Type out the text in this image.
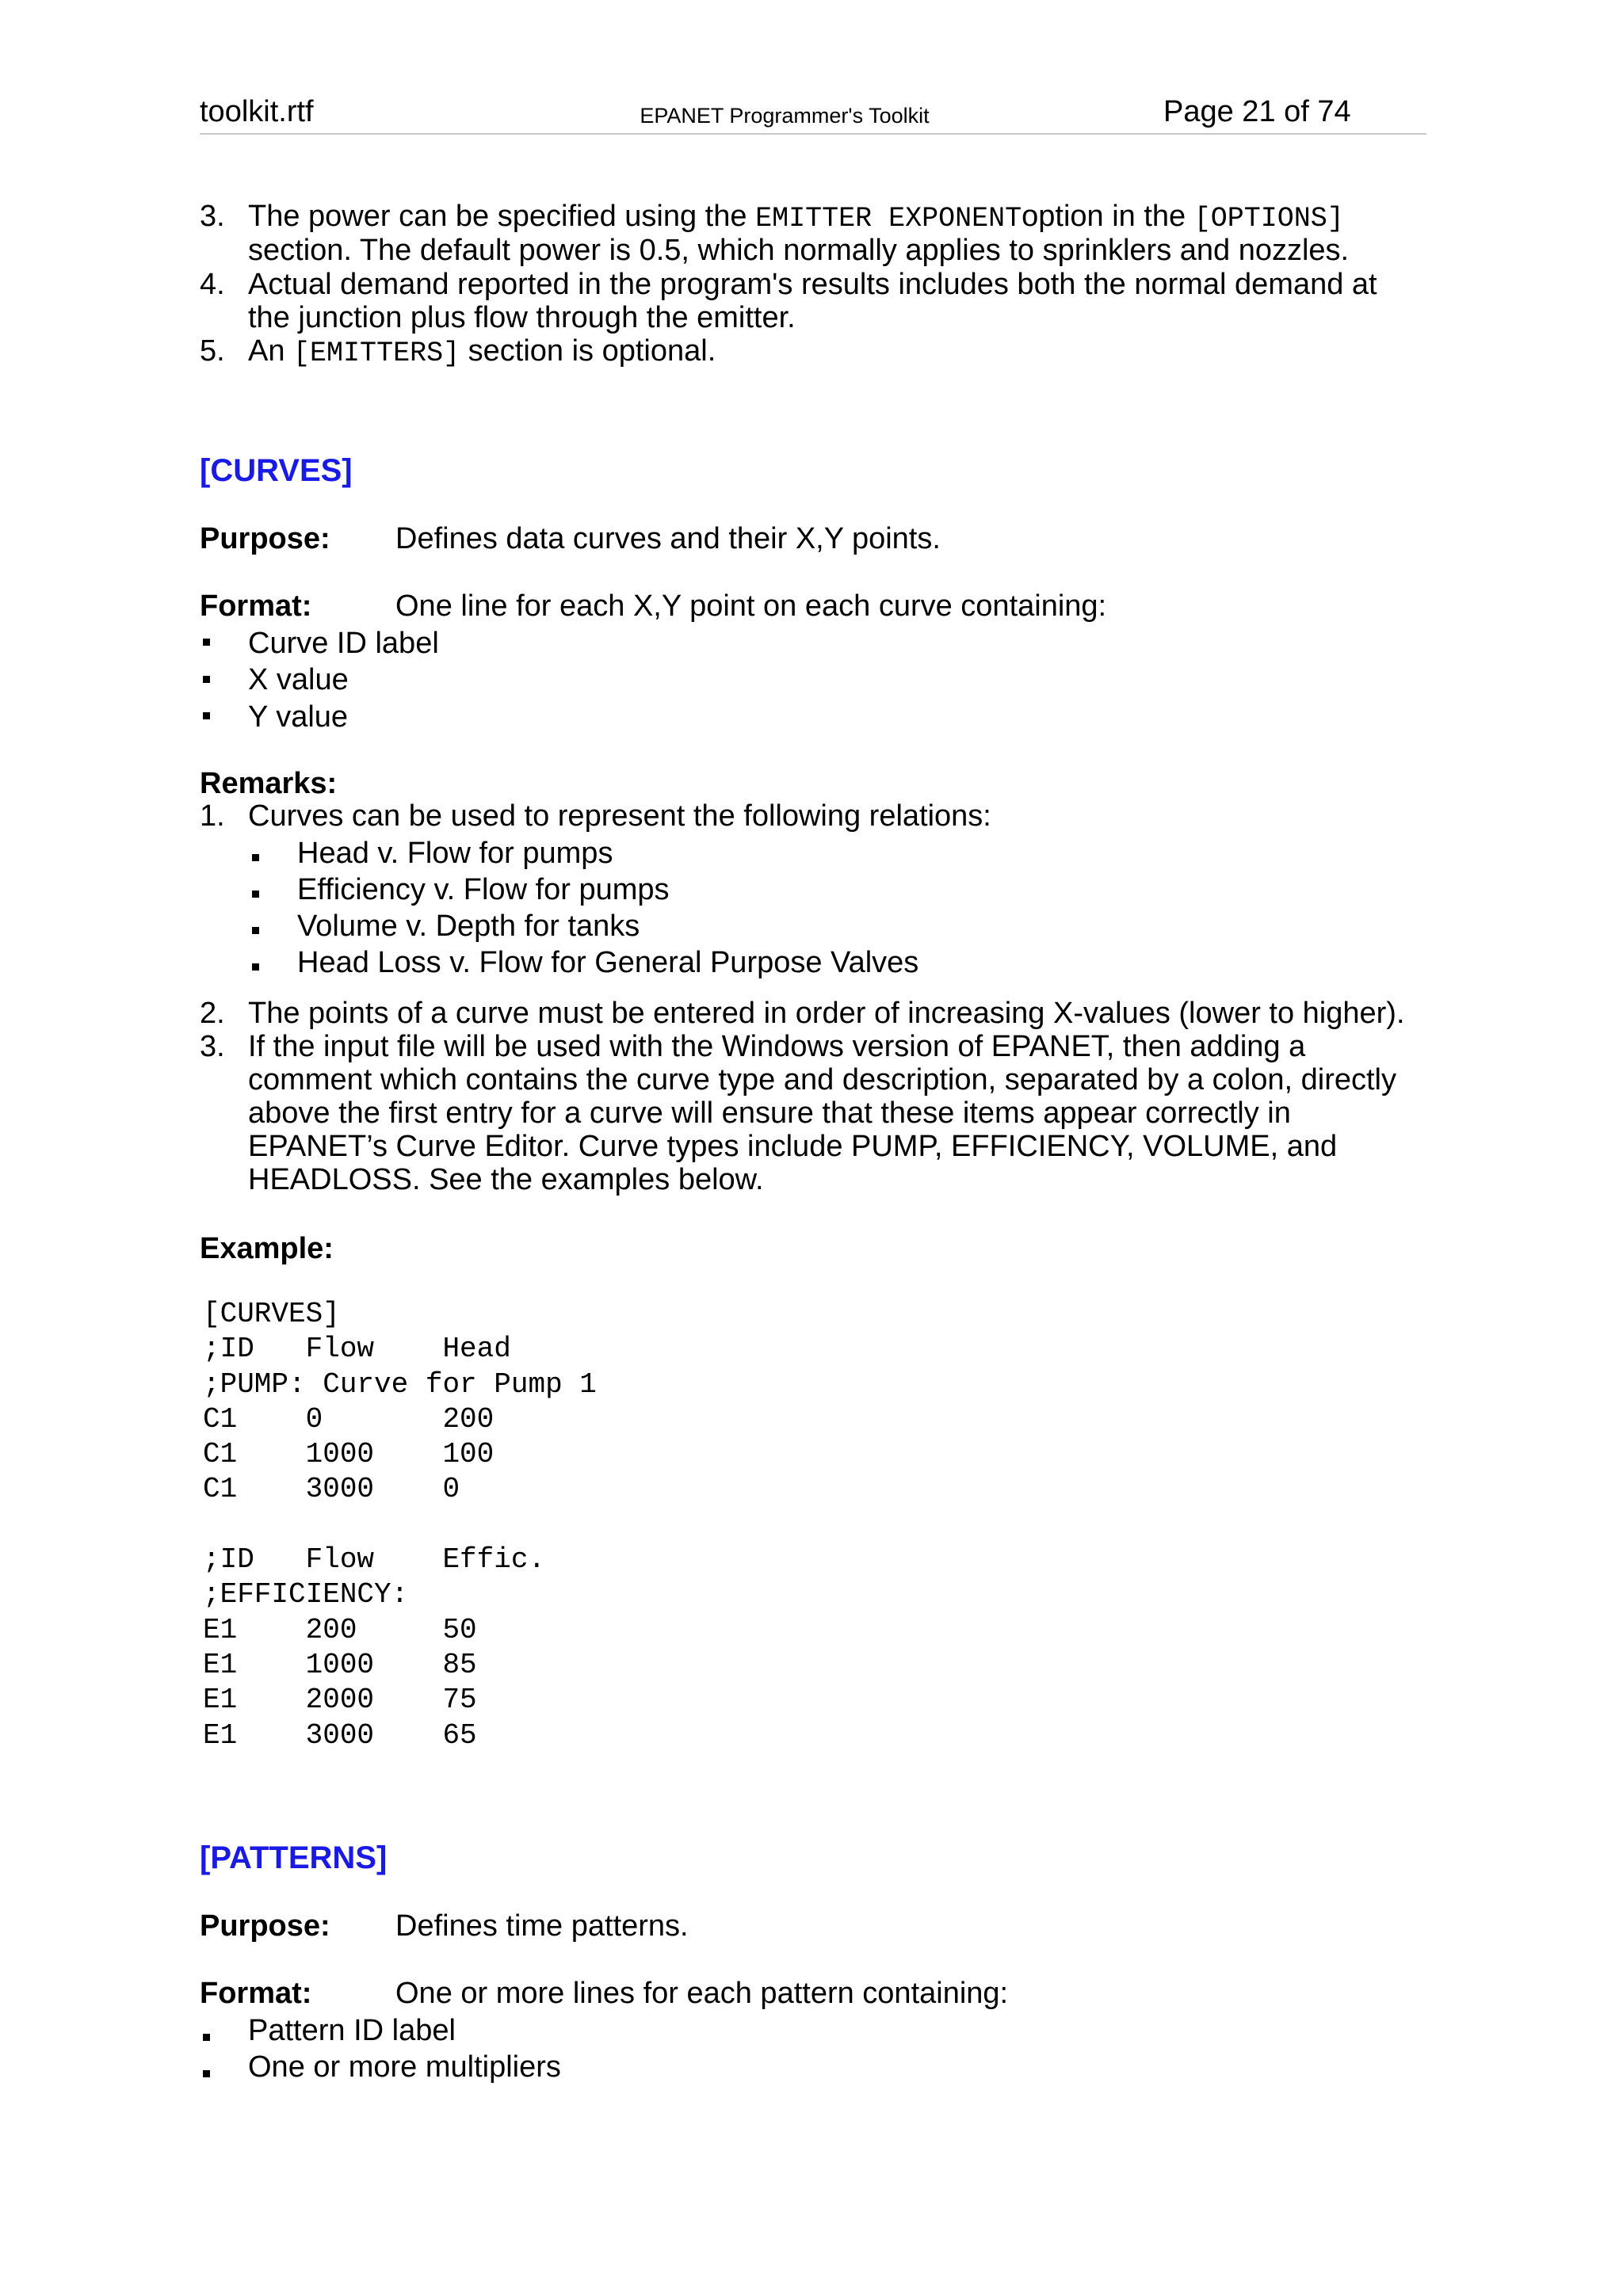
toolkit.rtf	EPANET Programmer's Toolkit	Page 21 of 74
3. The power can be specified using the EMITTER EXPONENToption in the [OPTIONS]
section. The default power is 0.5, which normally applies to sprinklers and nozzles.
4. Actual demand reported in the program's results includes both the normal demand at
the junction plus flow through the emitter.
5. An [EMITTERS] section is optional.
[CURVES]
Purpose: Defines data curves and their X,Y points.
Format:	One line for each X,Y point on each curve containing:
Curve ID label
X value
Y value
Remarks:
1. Curves can be used to represent the following relations:
Head v. Flow for pumps
Efficiency v. Flow for pumps
Volume v. Depth for tanks
Head Loss v. Flow for General Purpose Valves
2. The points of a curve must be entered in order of increasing X-values (lower to higher).
3. If the input file will be used with the Windows version of EPANET, then adding a
comment which contains the curve type and description, separated by a colon, directly
above the first entry for a curve will ensure that these items appear correctly in
EPANET’s Curve Editor. Curve types include PUMP, EFFICIENCY, VOLUME, and
HEADLOSS. See the examples below.
Example:
[CURVES]
;ID   Flow    Head
;PUMP: Curve for Pump 1
C1    0       200
C1    1000    100
C1    3000    0

;ID   Flow    Effic.
;EFFICIENCY:
E1    200     50
E1    1000    85
E1    2000    75
E1    3000    65
[PATTERNS]
Purpose: Defines time patterns.
Format:	One or more lines for each pattern containing:
Pattern ID label
One or more multipliers
